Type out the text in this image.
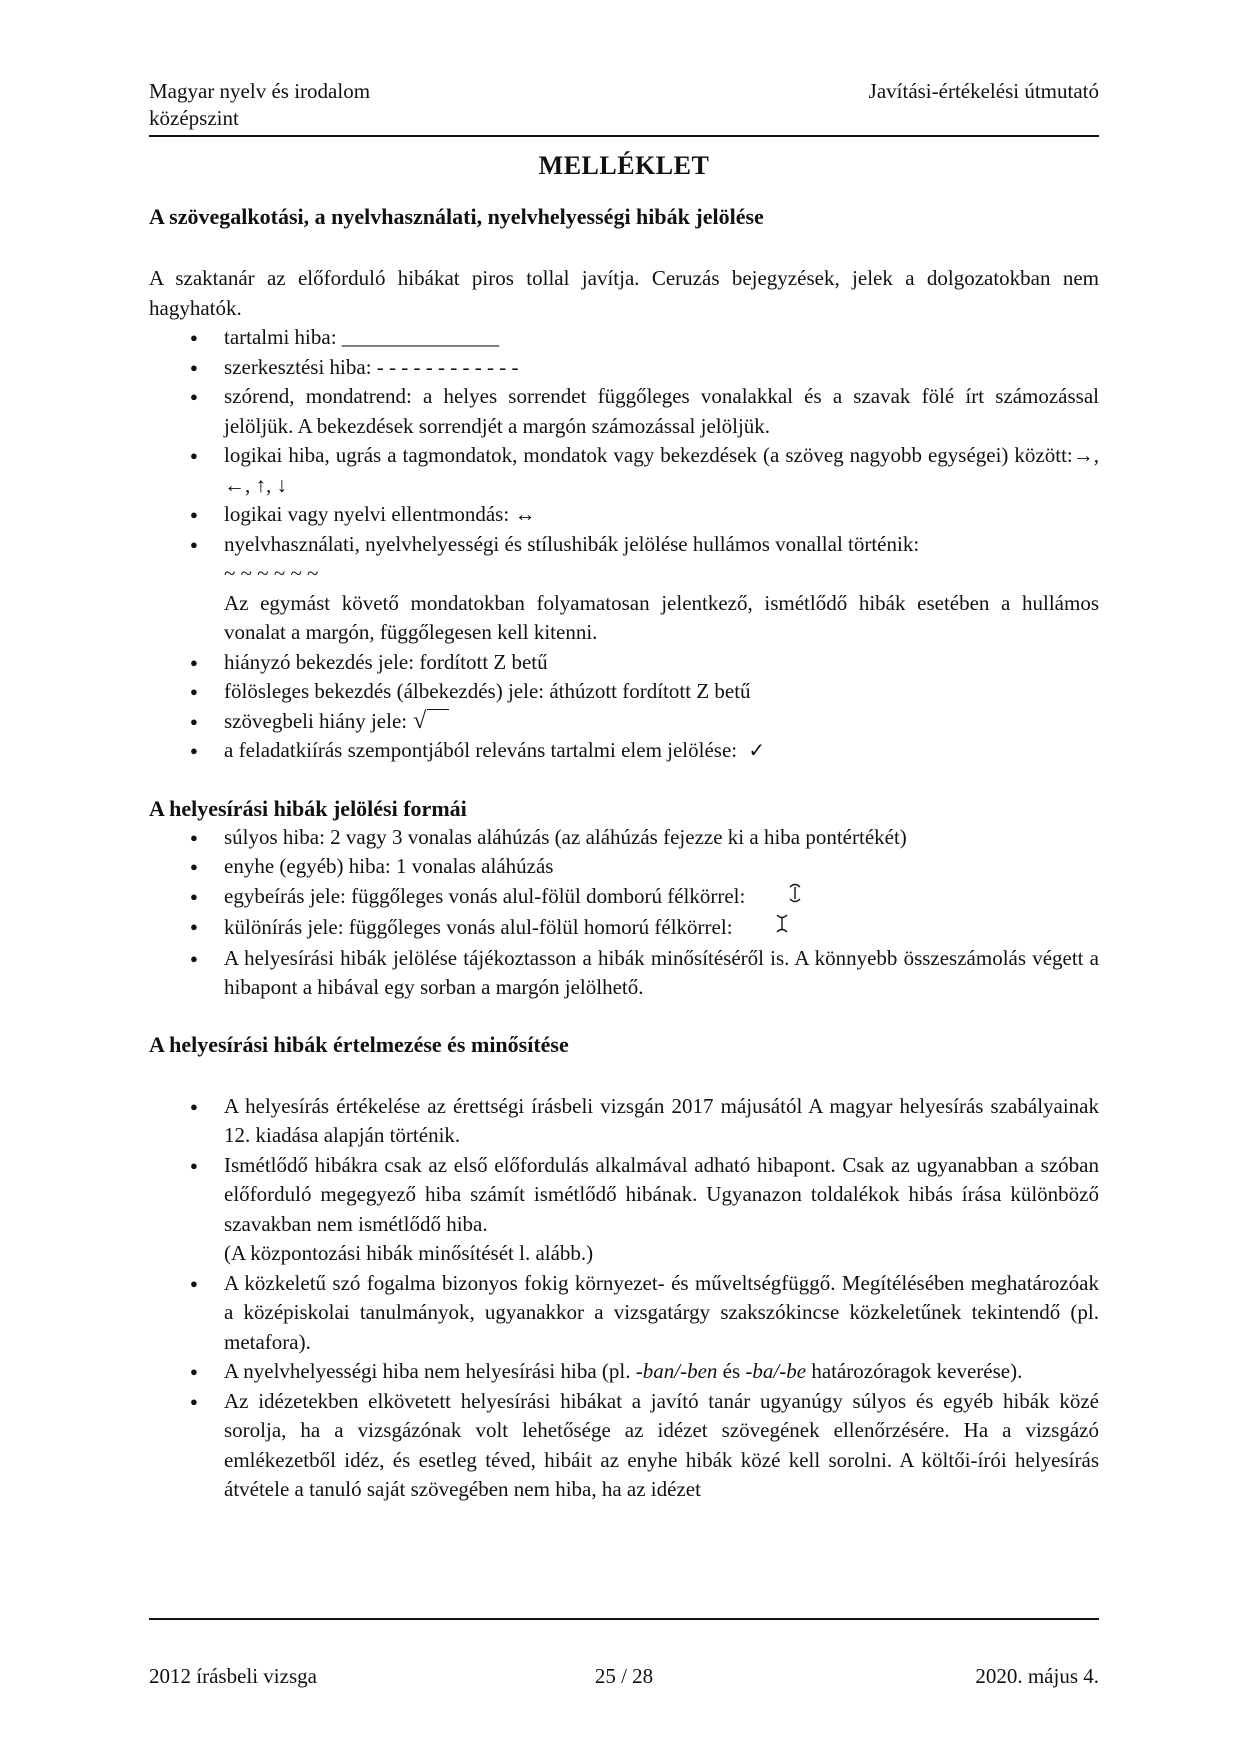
Magyar nyelv és irodalom
középszint
Javítási-értékelési útmutató
MELLÉKLET
A szövegalkotási, a nyelvhasználati, nyelvhelyességi hibák jelölése

A szaktanár az előforduló hibákat piros tollal javítja. Ceruzás bejegyzések, jelek a dolgozatokban nem hagyhatók.

● tartalmi hiba: _______________
● szerkesztési hiba: - - - - - - - - - - - -
● szórend, mondatrend: a helyes sorrendet függőleges vonalakkal és a szavak fölé írt számozással jelöljük. A bekezdések sorrendjét a margón számozással jelöljük.
● logikai hiba, ugrás a tagmondatok, mondatok vagy bekezdések (a szöveg nagyobb egységei) között:→, ←, ↑, ↓
● logikai vagy nyelvi ellentmondás: ↔
● nyelvhasználati, nyelvhelyességi és stílushibák jelölése hullámos vonallal történik:
~ ~ ~ ~ ~ ~
Az egymást követő mondatokban folyamatosan jelentkező, ismétlődő hibák esetében a hullámos vonalat a margón, függőlegesen kell kitenni.
● hiányzó bekezdés jele: fordított Z betű
● fölösleges bekezdés (álbekezdés) jele: áthúzott fordított Z betű
● szövegbeli hiány jele: √
● a feladatkiírás szempontjából releváns tartalmi elem jelölése: ✓
A helyesírási hibák jelölési formái
● súlyos hiba: 2 vagy 3 vonalas aláhúzás (az aláhúzás fejezze ki a hiba pontértékét)
● enyhe (egyéb) hiba: 1 vonalas aláhúzás
● egybeírás jele: függőleges vonás alul-fölül domború félkörrel:
● különírás jele: függőleges vonás alul-fölül homorú félkörrel:
● A helyesírási hibák jelölése tájékoztasson a hibák minősítéséről is. A könnyebb összeszámolás végett a hibapont a hibával egy sorban a margón jelölhető.
A helyesírási hibák értelmezése és minősítése
● A helyesírás értékelése az érettségi írásbeli vizsgán 2017 májusától A magyar helyesírás szabályainak 12. kiadása alapján történik.
● Ismétlődő hibákra csak az első előfordulás alkalmával adható hibapont. Csak az ugyanabban a szóban előforduló megegyező hiba számít ismétlődő hibának. Ugyanazon toldalékok hibás írása különböző szavakban nem ismétlődő hiba.
(A központozási hibák minősítését l. alább.)
● A közkeletű szó fogalma bizonyos fokig környezet- és műveltségfüggő. Megítélésében meghatározóak a középiskolai tanulmányok, ugyanakkor a vizsgatárgy szakszókincse közkeletűnek tekintendő (pl. metafora).
● A nyelvhelyességi hiba nem helyesírási hiba (pl. -ban/-ben és -ba/-be határozóragok keverése).
● Az idézetekben elkövetett helyesírási hibákat a javító tanár ugyanúgy súlyos és egyéb hibák közé sorolja, ha a vizsgázónak volt lehetősége az idézet szövegének ellenőrzésére. Ha a vizsgázó emlékezetből idéz, és esetleg téved, hibáit az enyhe hibák közé kell sorolni. A költői-írói helyesírás átvétele a tanuló saját szövegében nem hiba, ha az idézet
2012 írásbeli vizsga	25 / 28	2020. május 4.
